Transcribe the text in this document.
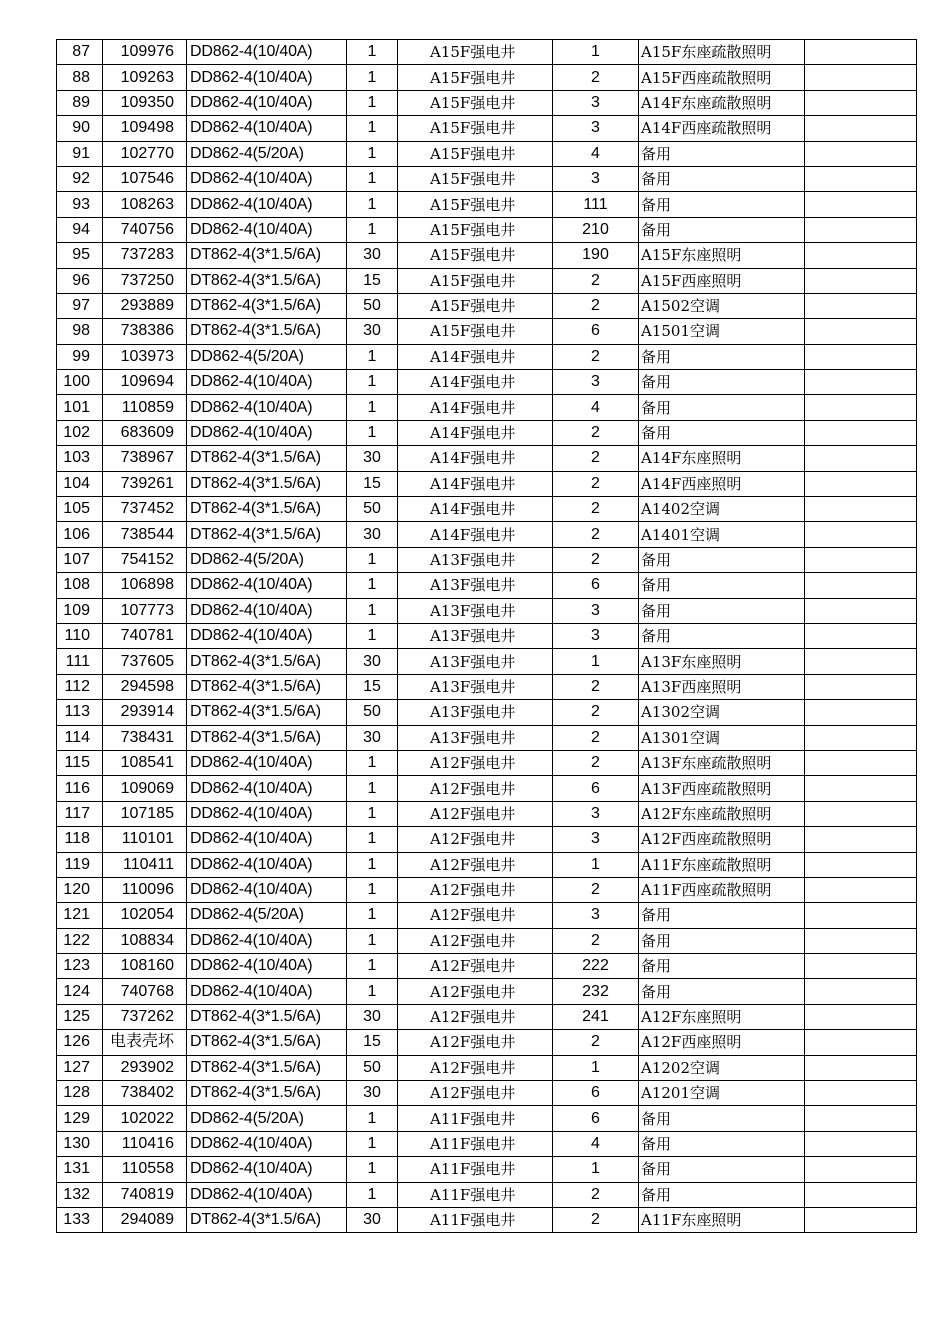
87	109976	DD862-4(10/40A)	1	A15F强电井	1	A15F东座疏散照明	
88	109263	DD862-4(10/40A)	1	A15F强电井	2	A15F西座疏散照明	
89	109350	DD862-4(10/40A)	1	A15F强电井	3	A14F东座疏散照明	
90	109498	DD862-4(10/40A)	1	A15F强电井	3	A14F西座疏散照明	
91	102770	DD862-4(5/20A)	1	A15F强电井	4	备用	
92	107546	DD862-4(10/40A)	1	A15F强电井	3	备用	
93	108263	DD862-4(10/40A)	1	A15F强电井	111	备用	
94	740756	DD862-4(10/40A)	1	A15F强电井	210	备用	
95	737283	DT862-4(3*1.5/6A)	30	A15F强电井	190	A15F东座照明	
96	737250	DT862-4(3*1.5/6A)	15	A15F强电井	2	A15F西座照明	
97	293889	DT862-4(3*1.5/6A)	50	A15F强电井	2	A1502空调	
98	738386	DT862-4(3*1.5/6A)	30	A15F强电井	6	A1501空调	
99	103973	DD862-4(5/20A)	1	A14F强电井	2	备用	
100	109694	DD862-4(10/40A)	1	A14F强电井	3	备用	
101	110859	DD862-4(10/40A)	1	A14F强电井	4	备用	
102	683609	DD862-4(10/40A)	1	A14F强电井	2	备用	
103	738967	DT862-4(3*1.5/6A)	30	A14F强电井	2	A14F东座照明	
104	739261	DT862-4(3*1.5/6A)	15	A14F强电井	2	A14F西座照明	
105	737452	DT862-4(3*1.5/6A)	50	A14F强电井	2	A1402空调	
106	738544	DT862-4(3*1.5/6A)	30	A14F强电井	2	A1401空调	
107	754152	DD862-4(5/20A)	1	A13F强电井	2	备用	
108	106898	DD862-4(10/40A)	1	A13F强电井	6	备用	
109	107773	DD862-4(10/40A)	1	A13F强电井	3	备用	
110	740781	DD862-4(10/40A)	1	A13F强电井	3	备用	
111	737605	DT862-4(3*1.5/6A)	30	A13F强电井	1	A13F东座照明	
112	294598	DT862-4(3*1.5/6A)	15	A13F强电井	2	A13F西座照明	
113	293914	DT862-4(3*1.5/6A)	50	A13F强电井	2	A1302空调	
114	738431	DT862-4(3*1.5/6A)	30	A13F强电井	2	A1301空调	
115	108541	DD862-4(10/40A)	1	A12F强电井	2	A13F东座疏散照明	
116	109069	DD862-4(10/40A)	1	A12F强电井	6	A13F西座疏散照明	
117	107185	DD862-4(10/40A)	1	A12F强电井	3	A12F东座疏散照明	
118	110101	DD862-4(10/40A)	1	A12F强电井	3	A12F西座疏散照明	
119	110411	DD862-4(10/40A)	1	A12F强电井	1	A11F东座疏散照明	
120	110096	DD862-4(10/40A)	1	A12F强电井	2	A11F西座疏散照明	
121	102054	DD862-4(5/20A)	1	A12F强电井	3	备用	
122	108834	DD862-4(10/40A)	1	A12F强电井	2	备用	
123	108160	DD862-4(10/40A)	1	A12F强电井	222	备用	
124	740768	DD862-4(10/40A)	1	A12F强电井	232	备用	
125	737262	DT862-4(3*1.5/6A)	30	A12F强电井	241	A12F东座照明	
126	电表壳坏	DT862-4(3*1.5/6A)	15	A12F强电井	2	A12F西座照明	
127	293902	DT862-4(3*1.5/6A)	50	A12F强电井	1	A1202空调	
128	738402	DT862-4(3*1.5/6A)	30	A12F强电井	6	A1201空调	
129	102022	DD862-4(5/20A)	1	A11F强电井	6	备用	
130	110416	DD862-4(10/40A)	1	A11F强电井	4	备用	
131	110558	DD862-4(10/40A)	1	A11F强电井	1	备用	
132	740819	DD862-4(10/40A)	1	A11F强电井	2	备用	
133	294089	DT862-4(3*1.5/6A)	30	A11F强电井	2	A11F东座照明	
